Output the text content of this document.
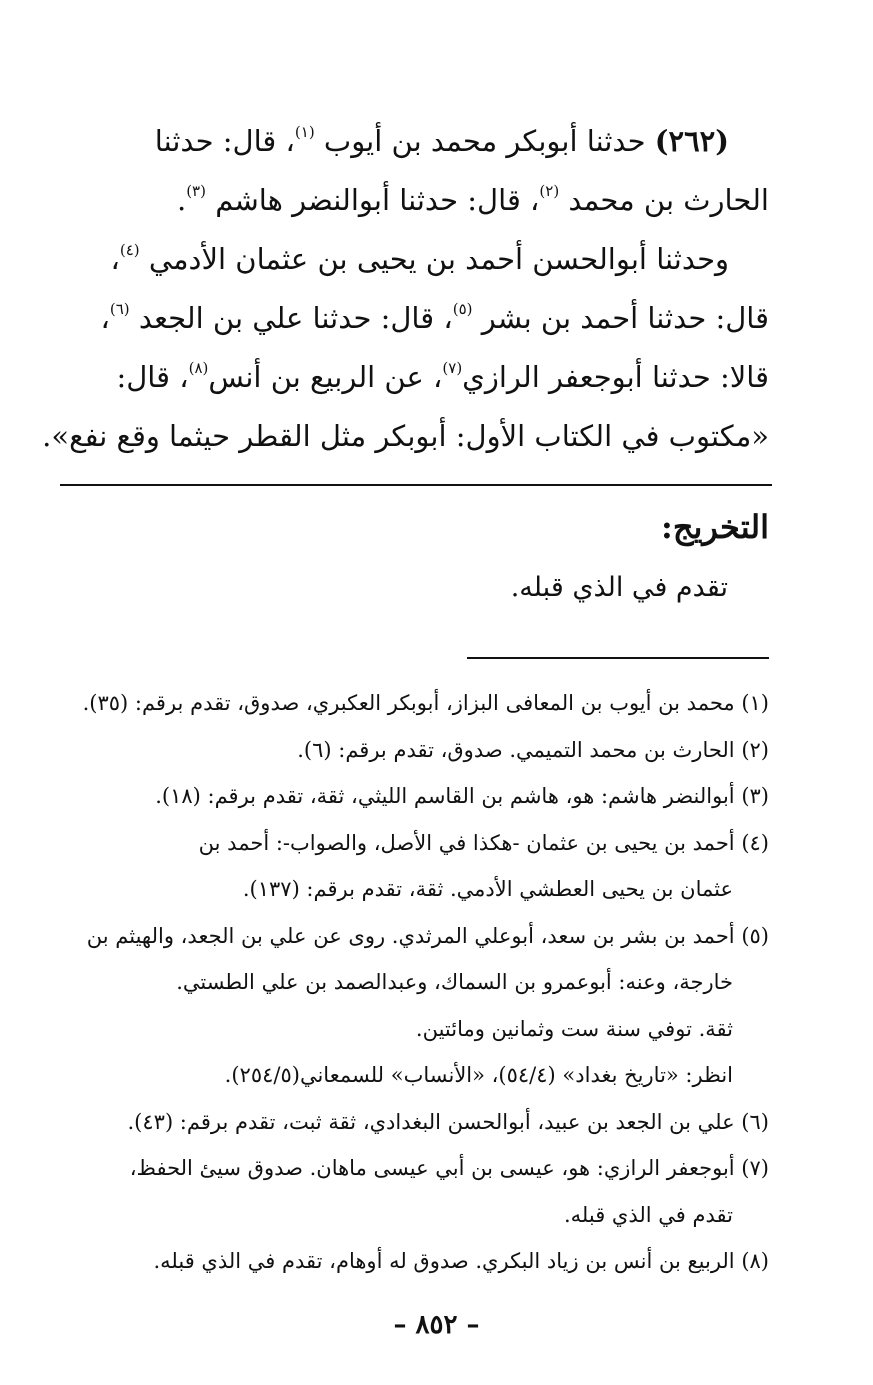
(٢٦٢) حدثنا أبوبكر محمد بن أيوب $^{(١)}$، قال: حدثنا
الحارث بن محمد $^{(٢)}$، قال: حدثنا أبوالنضر هاشم $^{(٣)}$.
وحدثنا أبوالحسن أحمد بن يحيى بن عثمان الأدمي $^{(٤)}$،
قال: حدثنا أحمد بن بشر $^{(٥)}$، قال: حدثنا علي بن الجعد $^{(٦)}$،
قالا: حدثنا أبوجعفر الرازي$^{(٧)}$، عن الربيع بن أنس$^{(٨)}$، قال:
«مكتوب في الكتاب الأول: أبوبكر مثل القطر حيثما وقع نفع».
التخريج:

تقدم في الذي قبله.

(١) محمد بن أيوب بن المعافى البزاز، أبوبكر العكبري، صدوق، تقدم برقم: (٣٥).
(٢) الحارث بن محمد التميمي. صدوق، تقدم برقم: (٦).
(٣) أبوالنضر هاشم: هو، هاشم بن القاسم الليثي، ثقة، تقدم برقم: (١٨).
(٤) أحمد بن يحيى بن عثمان -هكذا في الأصل، والصواب-: أحمد بن
عثمان بن يحيى العطشي الأدمي. ثقة، تقدم برقم: (١٣٧).
(٥) أحمد بن بشر بن سعد، أبوعلي المرثدي. روى عن علي بن الجعد، والهيثم بن
خارجة، وعنه: أبوعمرو بن السماك، وعبدالصمد بن علي الطستي.
ثقة. توفي سنة ست وثمانين ومائتين.
انظر: «تاريخ بغداد» (٥٤/٤)، «الأنساب» للسمعاني(٢٥٤/٥).
(٦) علي بن الجعد بن عبيد، أبوالحسن البغدادي، ثقة ثبت، تقدم برقم: (٤٣).
(٧) أبوجعفر الرازي: هو، عيسى بن أبي عيسى ماهان. صدوق سيئ الحفظ،
تقدم في الذي قبله.
(٨) الربيع بن أنس بن زياد البكري. صدوق له أوهام، تقدم في الذي قبله.

– ٨٥٢ –
